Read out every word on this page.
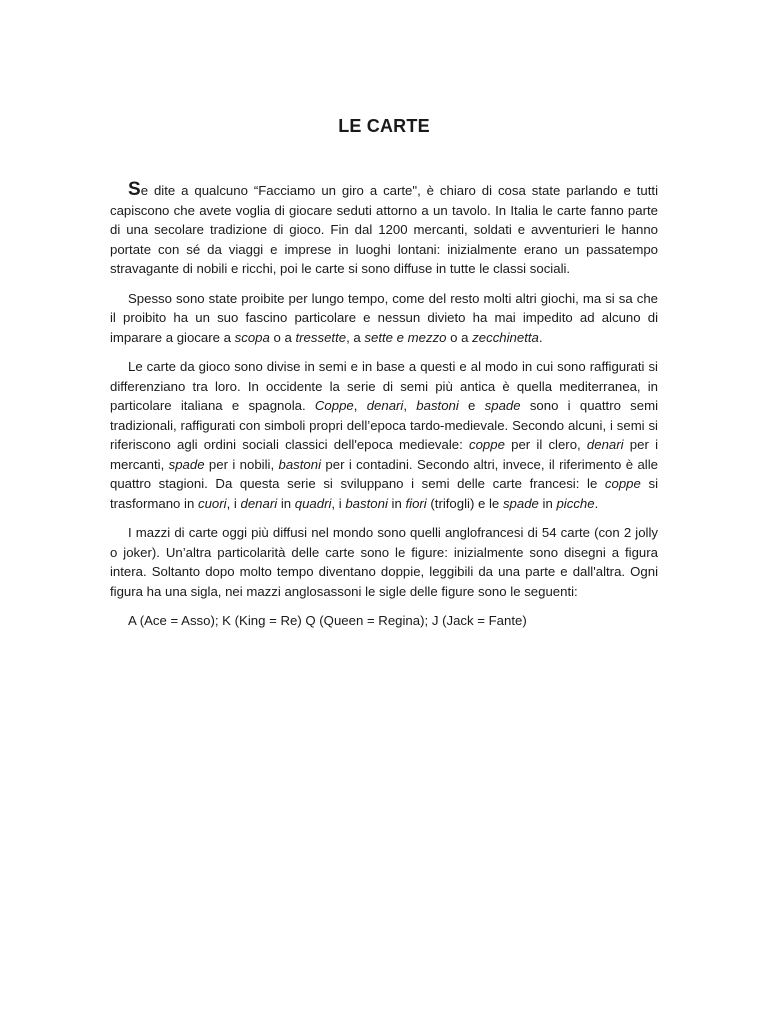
LE CARTE

Se dite a qualcuno “Facciamo un giro a carte", è chiaro di cosa state parlando e tutti capiscono che avete voglia di giocare seduti attorno a un tavolo. In Italia le carte fanno parte di una secolare tradizione di gioco. Fin dal 1200 mercanti, soldati e avventurieri le hanno portate con sé da viaggi e imprese in luoghi lontani: inizialmente erano un passatempo stravagante di nobili e ricchi, poi le carte si sono diffuse in tutte le classi sociali.

Spesso sono state proibite per lungo tempo, come del resto molti altri giochi, ma si sa che il proibito ha un suo fascino particolare e nessun divieto ha mai impedito ad alcuno di imparare a giocare a scopa o a tressette, a sette e mezzo o a zecchinetta.

Le carte da gioco sono divise in semi e in base a questi e al modo in cui sono raffigurati si differenziano tra loro. In occidente la serie di semi più antica è quella mediterranea, in particolare italiana e spagnola. Coppe, denari, bastoni e spade sono i quattro semi tradizionali, raffigurati con simboli propri dell’epoca tardo-medievale. Secondo alcuni, i semi si riferiscono agli ordini sociali classici dell'epoca medievale: coppe per il clero, denari per i mercanti, spade per i nobili, bastoni per i contadini. Secondo altri, invece, il riferimento è alle quattro stagioni. Da questa serie si sviluppano i semi delle carte francesi: le coppe si trasformano in cuori, i denari in quadri, i bastoni in fiori (trifogli) e le spade in picche.

I mazzi di carte oggi più diffusi nel mondo sono quelli anglofrancesi di 54 carte (con 2 jolly o joker). Un’altra particolarità delle carte sono le figure: inizialmente sono disegni a figura intera. Soltanto dopo molto tempo diventano doppie, leggibili da una parte e dall'altra. Ogni figura ha una sigla, nei mazzi anglosassoni le sigle delle figure sono le seguenti:

A (Ace = Asso); K (King = Re) Q (Queen = Regina); J (Jack = Fante)
